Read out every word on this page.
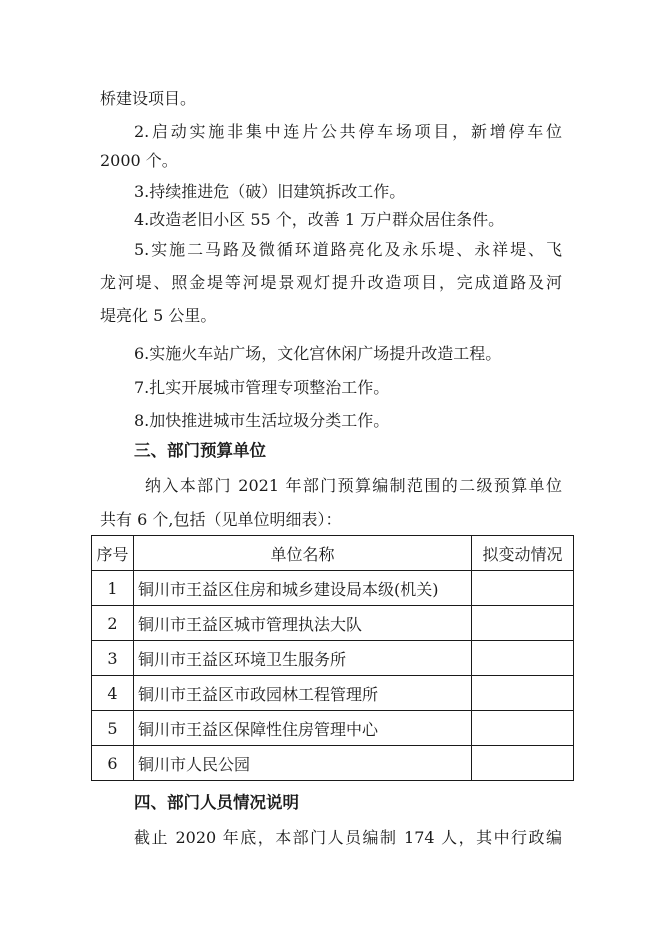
桥建设项目。
2.启动实施非集中连片公共停车场项目，新增停车位
2000 个。
3.持续推进危（破）旧建筑拆改工作。
4.改造老旧小区 55 个，改善 1 万户群众居住条件。
5.实施二马路及微循环道路亮化及永乐堤、永祥堤、飞
龙河堤、照金堤等河堤景观灯提升改造项目，完成道路及河
堤亮化 5 公里。
6.实施火车站广场，文化宫休闲广场提升改造工程。
7.扎实开展城市管理专项整治工作。
8.加快推进城市生活垃圾分类工作。
三、部门预算单位
纳入本部门 2021 年部门预算编制范围的二级预算单位
共有 6 个,包括（见单位明细表）：
序号	单位名称	拟变动情况
1	铜川市王益区住房和城乡建设局本级(机关)	
2	铜川市王益区城市管理执法大队	
3	铜川市王益区环境卫生服务所	
4	铜川市王益区市政园林工程管理所	
5	铜川市王益区保障性住房管理中心	
6	铜川市人民公园	
四、部门人员情况说明
截止 2020 年底，本部门人员编制 174 人，其中行政编
